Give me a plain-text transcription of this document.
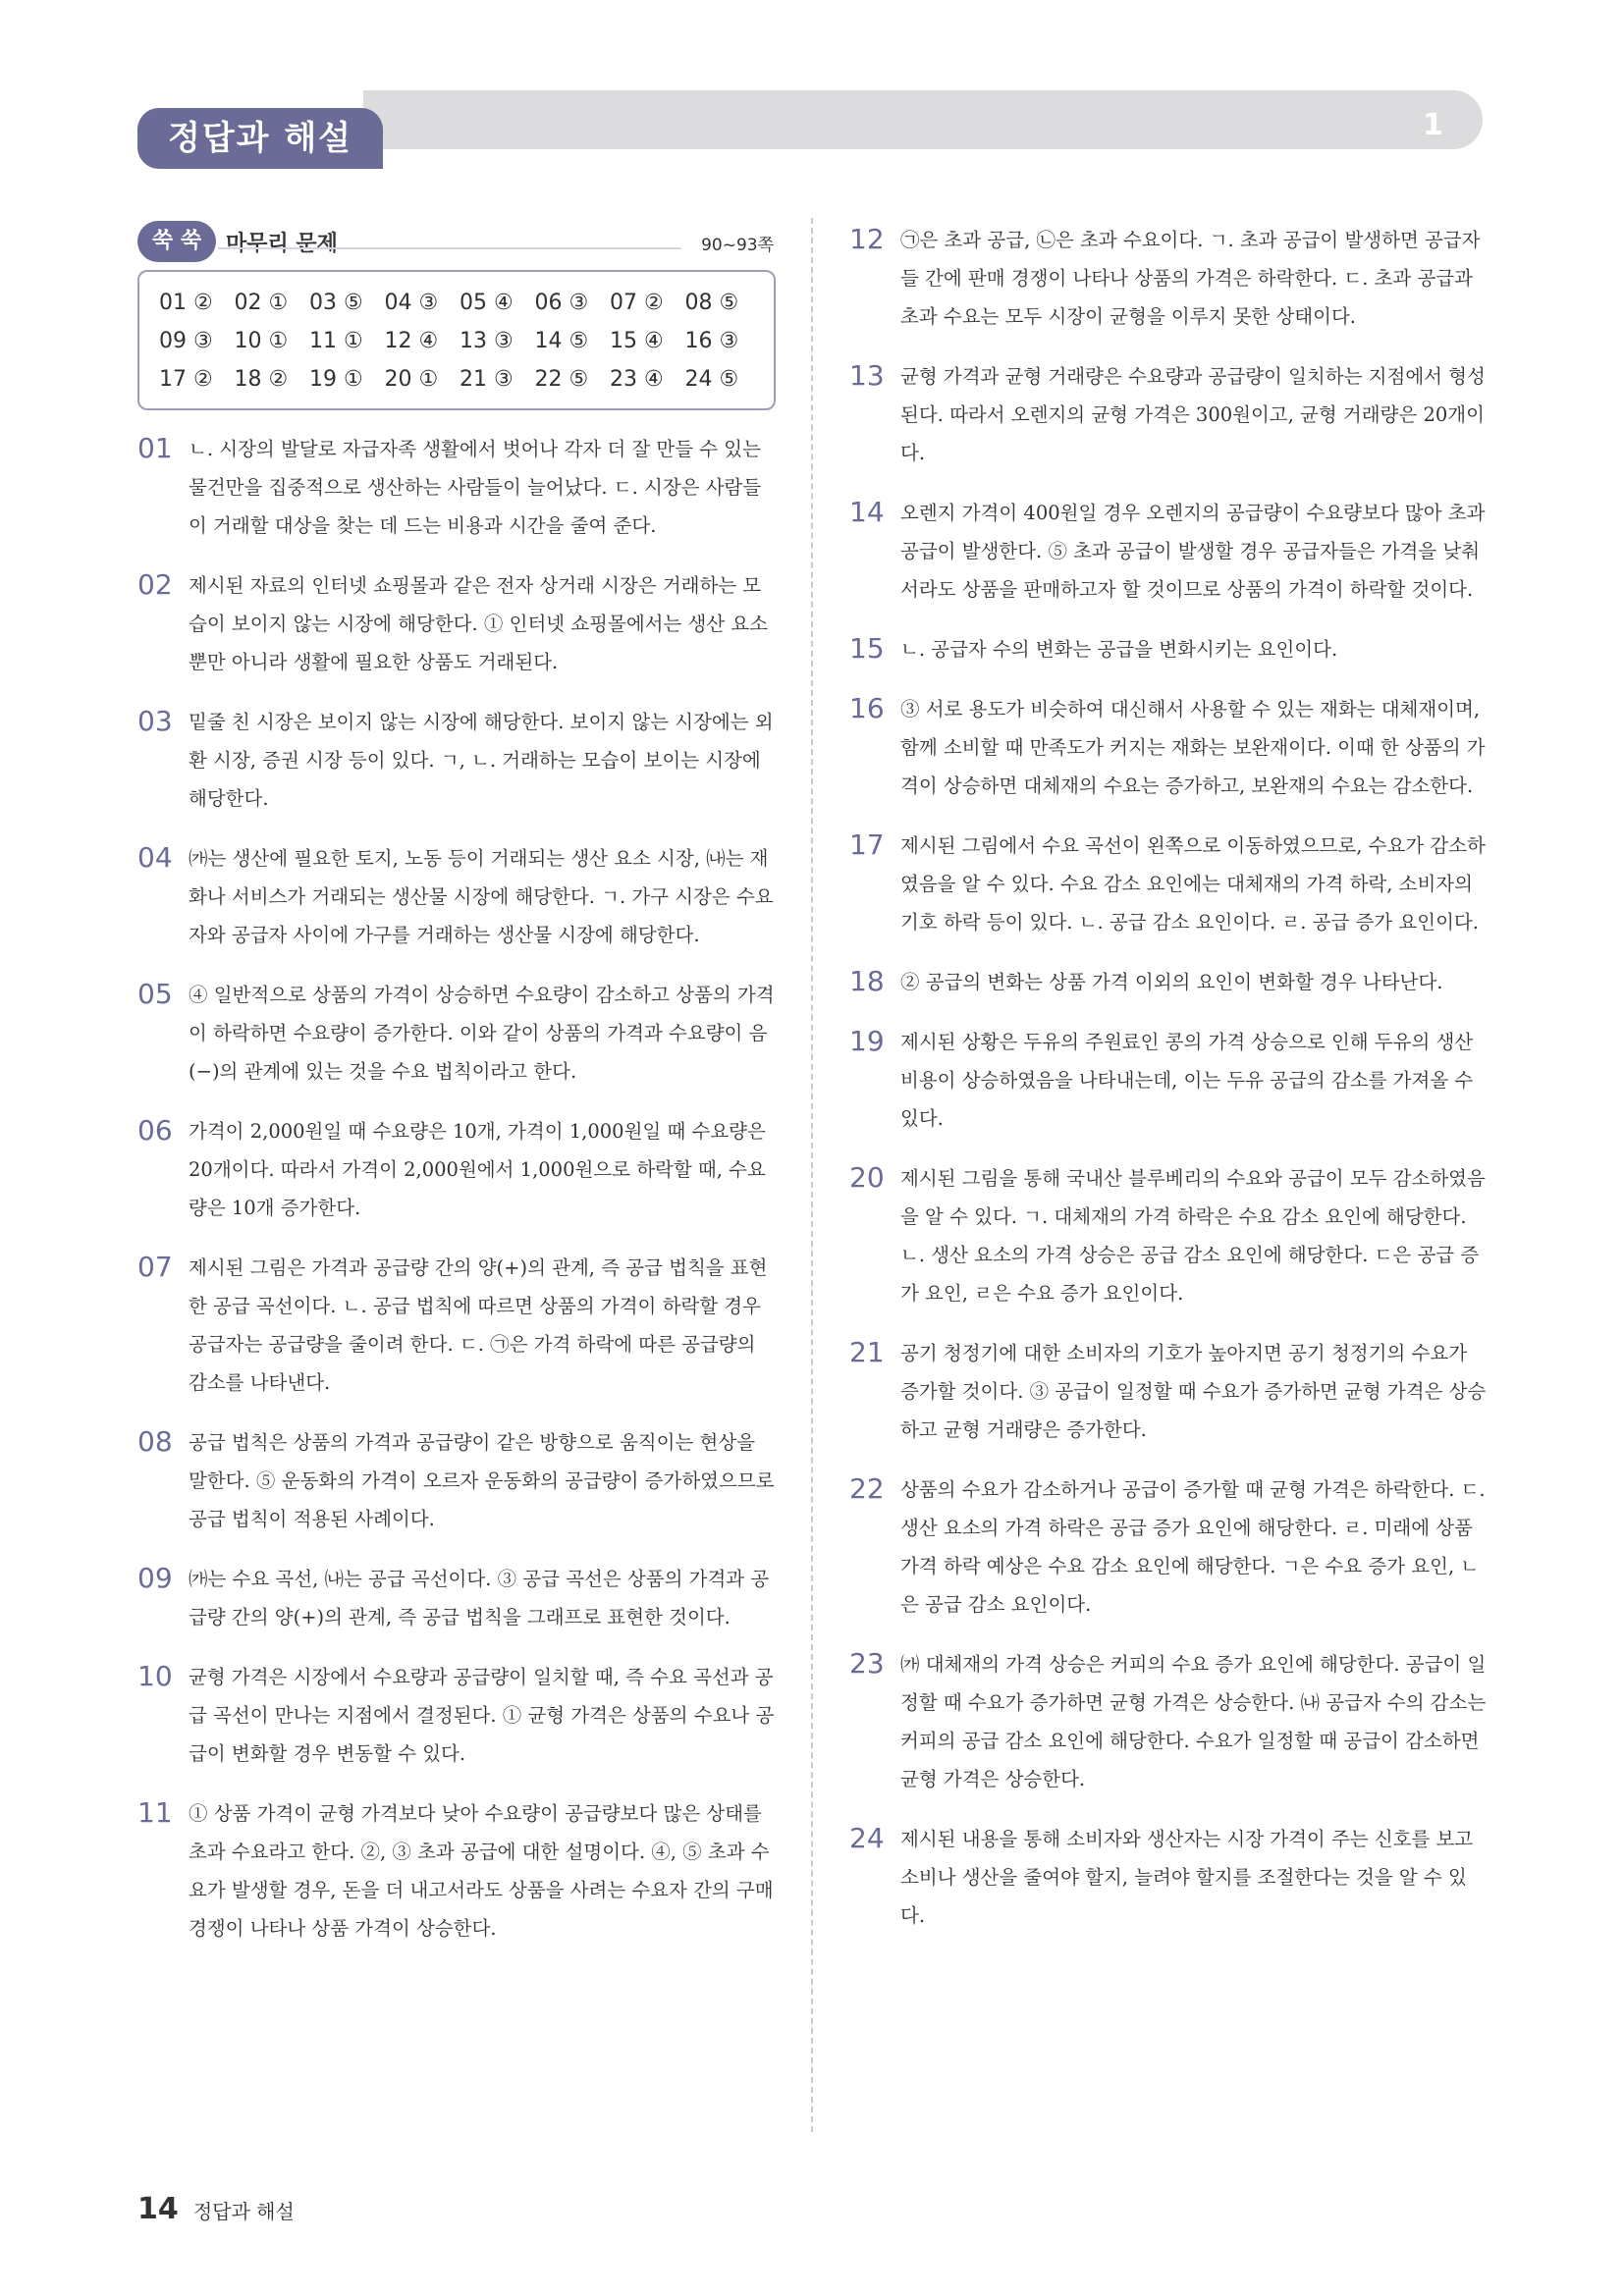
정답과 해설	1
쑥 쑥	마무리 문제	90~93쪽
01 ② 02 ① 03 ⑤ 04 ③ 05 ④ 06 ③ 07 ② 08 ⑤
09 ③ 10 ① 11 ① 12 ④ 13 ③ 14 ⑤ 15 ④ 16 ③
17 ② 18 ② 19 ① 20 ① 21 ③ 22 ⑤ 23 ④ 24 ⑤
01 ㄴ. 시장의 발달로 자급자족 생활에서 벗어나 각자 더 잘 만들 수 있는 물건만을 집중적으로 생산하는 사람들이 늘어났다. ㄷ. 시장은 사람들이 거래할 대상을 찾는 데 드는 비용과 시간을 줄여 준다.
02 제시된 자료의 인터넷 쇼핑몰과 같은 전자 상거래 시장은 거래하는 모습이 보이지 않는 시장에 해당한다. ① 인터넷 쇼핑몰에서는 생산 요소뿐만 아니라 생활에 필요한 상품도 거래된다.
03 밑줄 친 시장은 보이지 않는 시장에 해당한다. 보이지 않는 시장에는 외환 시장, 증권 시장 등이 있다. ㄱ, ㄴ. 거래하는 모습이 보이는 시장에 해당한다.
04 ㈎는 생산에 필요한 토지, 노동 등이 거래되는 생산 요소 시장, ㈏는 재화나 서비스가 거래되는 생산물 시장에 해당한다. ㄱ. 가구 시장은 수요자와 공급자 사이에 가구를 거래하는 생산물 시장에 해당한다.
05 ④ 일반적으로 상품의 가격이 상승하면 수요량이 감소하고 상품의 가격이 하락하면 수요량이 증가한다. 이와 같이 상품의 가격과 수요량이 음(−)의 관계에 있는 것을 수요 법칙이라고 한다.
06 가격이 2,000원일 때 수요량은 10개, 가격이 1,000원일 때 수요량은 20개이다. 따라서 가격이 2,000원에서 1,000원으로 하락할 때, 수요량은 10개 증가한다.
07 제시된 그림은 가격과 공급량 간의 양(+)의 관계, 즉 공급 법칙을 표현한 공급 곡선이다. ㄴ. 공급 법칙에 따르면 상품의 가격이 하락할 경우 공급자는 공급량을 줄이려 한다. ㄷ. ㉠은 가격 하락에 따른 공급량의 감소를 나타낸다.
08 공급 법칙은 상품의 가격과 공급량이 같은 방향으로 움직이는 현상을 말한다. ⑤ 운동화의 가격이 오르자 운동화의 공급량이 증가하였으므로 공급 법칙이 적용된 사례이다.
09 ㈎는 수요 곡선, ㈏는 공급 곡선이다. ③ 공급 곡선은 상품의 가격과 공급량 간의 양(+)의 관계, 즉 공급 법칙을 그래프로 표현한 것이다.
10 균형 가격은 시장에서 수요량과 공급량이 일치할 때, 즉 수요 곡선과 공급 곡선이 만나는 지점에서 결정된다. ① 균형 가격은 상품의 수요나 공급이 변화할 경우 변동할 수 있다.
11 ① 상품 가격이 균형 가격보다 낮아 수요량이 공급량보다 많은 상태를 초과 수요라고 한다. ②, ③ 초과 공급에 대한 설명이다. ④, ⑤ 초과 수요가 발생할 경우, 돈을 더 내고서라도 상품을 사려는 수요자 간의 구매 경쟁이 나타나 상품 가격이 상승한다.
12 ㉠은 초과 공급, ㉡은 초과 수요이다. ㄱ. 초과 공급이 발생하면 공급자들 간에 판매 경쟁이 나타나 상품의 가격은 하락한다. ㄷ. 초과 공급과 초과 수요는 모두 시장이 균형을 이루지 못한 상태이다.
13 균형 가격과 균형 거래량은 수요량과 공급량이 일치하는 지점에서 형성된다. 따라서 오렌지의 균형 가격은 300원이고, 균형 거래량은 20개이다.
14 오렌지 가격이 400원일 경우 오렌지의 공급량이 수요량보다 많아 초과 공급이 발생한다. ⑤ 초과 공급이 발생할 경우 공급자들은 가격을 낮춰서라도 상품을 판매하고자 할 것이므로 상품의 가격이 하락할 것이다.
15 ㄴ. 공급자 수의 변화는 공급을 변화시키는 요인이다.
16 ③ 서로 용도가 비슷하여 대신해서 사용할 수 있는 재화는 대체재이며, 함께 소비할 때 만족도가 커지는 재화는 보완재이다. 이때 한 상품의 가격이 상승하면 대체재의 수요는 증가하고, 보완재의 수요는 감소한다.
17 제시된 그림에서 수요 곡선이 왼쪽으로 이동하였으므로, 수요가 감소하였음을 알 수 있다. 수요 감소 요인에는 대체재의 가격 하락, 소비자의 기호 하락 등이 있다. ㄴ. 공급 감소 요인이다. ㄹ. 공급 증가 요인이다.
18 ② 공급의 변화는 상품 가격 이외의 요인이 변화할 경우 나타난다.
19 제시된 상황은 두유의 주원료인 콩의 가격 상승으로 인해 두유의 생산 비용이 상승하였음을 나타내는데, 이는 두유 공급의 감소를 가져올 수 있다.
20 제시된 그림을 통해 국내산 블루베리의 수요와 공급이 모두 감소하였음을 알 수 있다. ㄱ. 대체재의 가격 하락은 수요 감소 요인에 해당한다. ㄴ. 생산 요소의 가격 상승은 공급 감소 요인에 해당한다. ㄷ은 공급 증가 요인, ㄹ은 수요 증가 요인이다.
21 공기 청정기에 대한 소비자의 기호가 높아지면 공기 청정기의 수요가 증가할 것이다. ③ 공급이 일정할 때 수요가 증가하면 균형 가격은 상승하고 균형 거래량은 증가한다.
22 상품의 수요가 감소하거나 공급이 증가할 때 균형 가격은 하락한다. ㄷ. 생산 요소의 가격 하락은 공급 증가 요인에 해당한다. ㄹ. 미래에 상품 가격 하락 예상은 수요 감소 요인에 해당한다. ㄱ은 수요 증가 요인, ㄴ은 공급 감소 요인이다.
23 ㈎ 대체재의 가격 상승은 커피의 수요 증가 요인에 해당한다. 공급이 일정할 때 수요가 증가하면 균형 가격은 상승한다. ㈏ 공급자 수의 감소는 커피의 공급 감소 요인에 해당한다. 수요가 일정할 때 공급이 감소하면 균형 가격은 상승한다.
24 제시된 내용을 통해 소비자와 생산자는 시장 가격이 주는 신호를 보고 소비나 생산을 줄여야 할지, 늘려야 할지를 조절한다는 것을 알 수 있다.
14 정답과 해설
